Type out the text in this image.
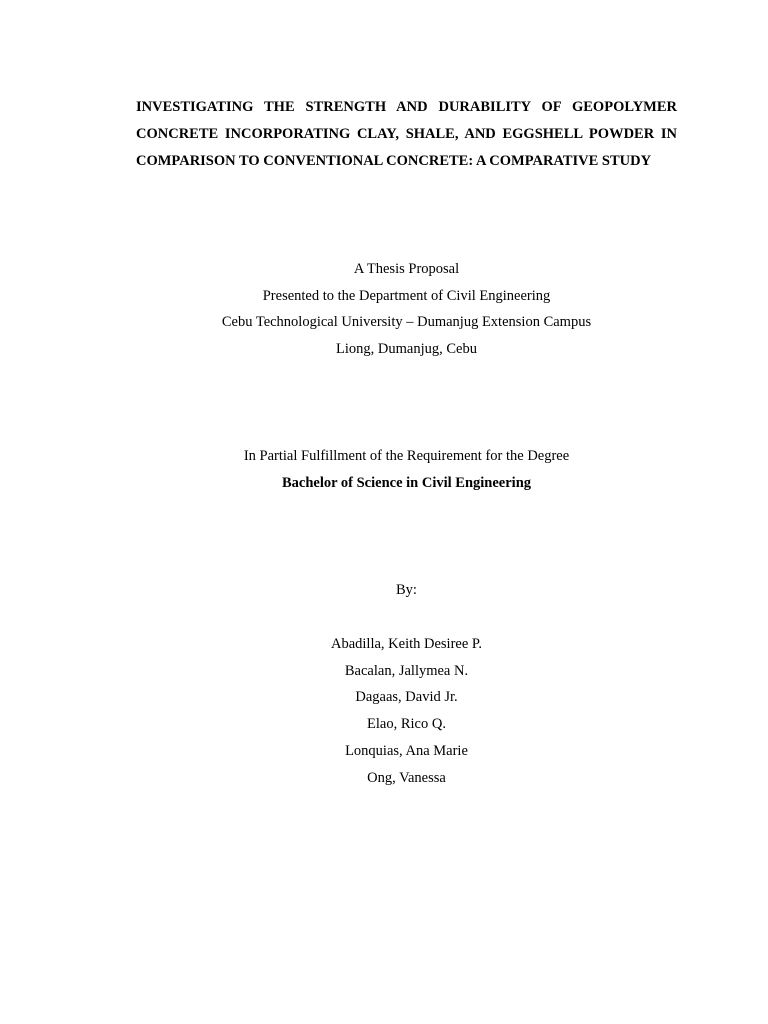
INVESTIGATING THE STRENGTH AND DURABILITY OF GEOPOLYMER CONCRETE INCORPORATING CLAY, SHALE, AND EGGSHELL POWDER IN COMPARISON TO CONVENTIONAL CONCRETE: A COMPARATIVE STUDY

A Thesis Proposal
Presented to the Department of Civil Engineering
Cebu Technological University – Dumanjug Extension Campus
Liong, Dumanjug, Cebu
In Partial Fulfillment of the Requirement for the Degree
Bachelor of Science in Civil Engineering
By:
Abadilla, Keith Desiree P.
Bacalan, Jallymea N.
Dagaas, David Jr.
Elao, Rico Q.
Lonquias, Ana Marie
Ong, Vanessa
